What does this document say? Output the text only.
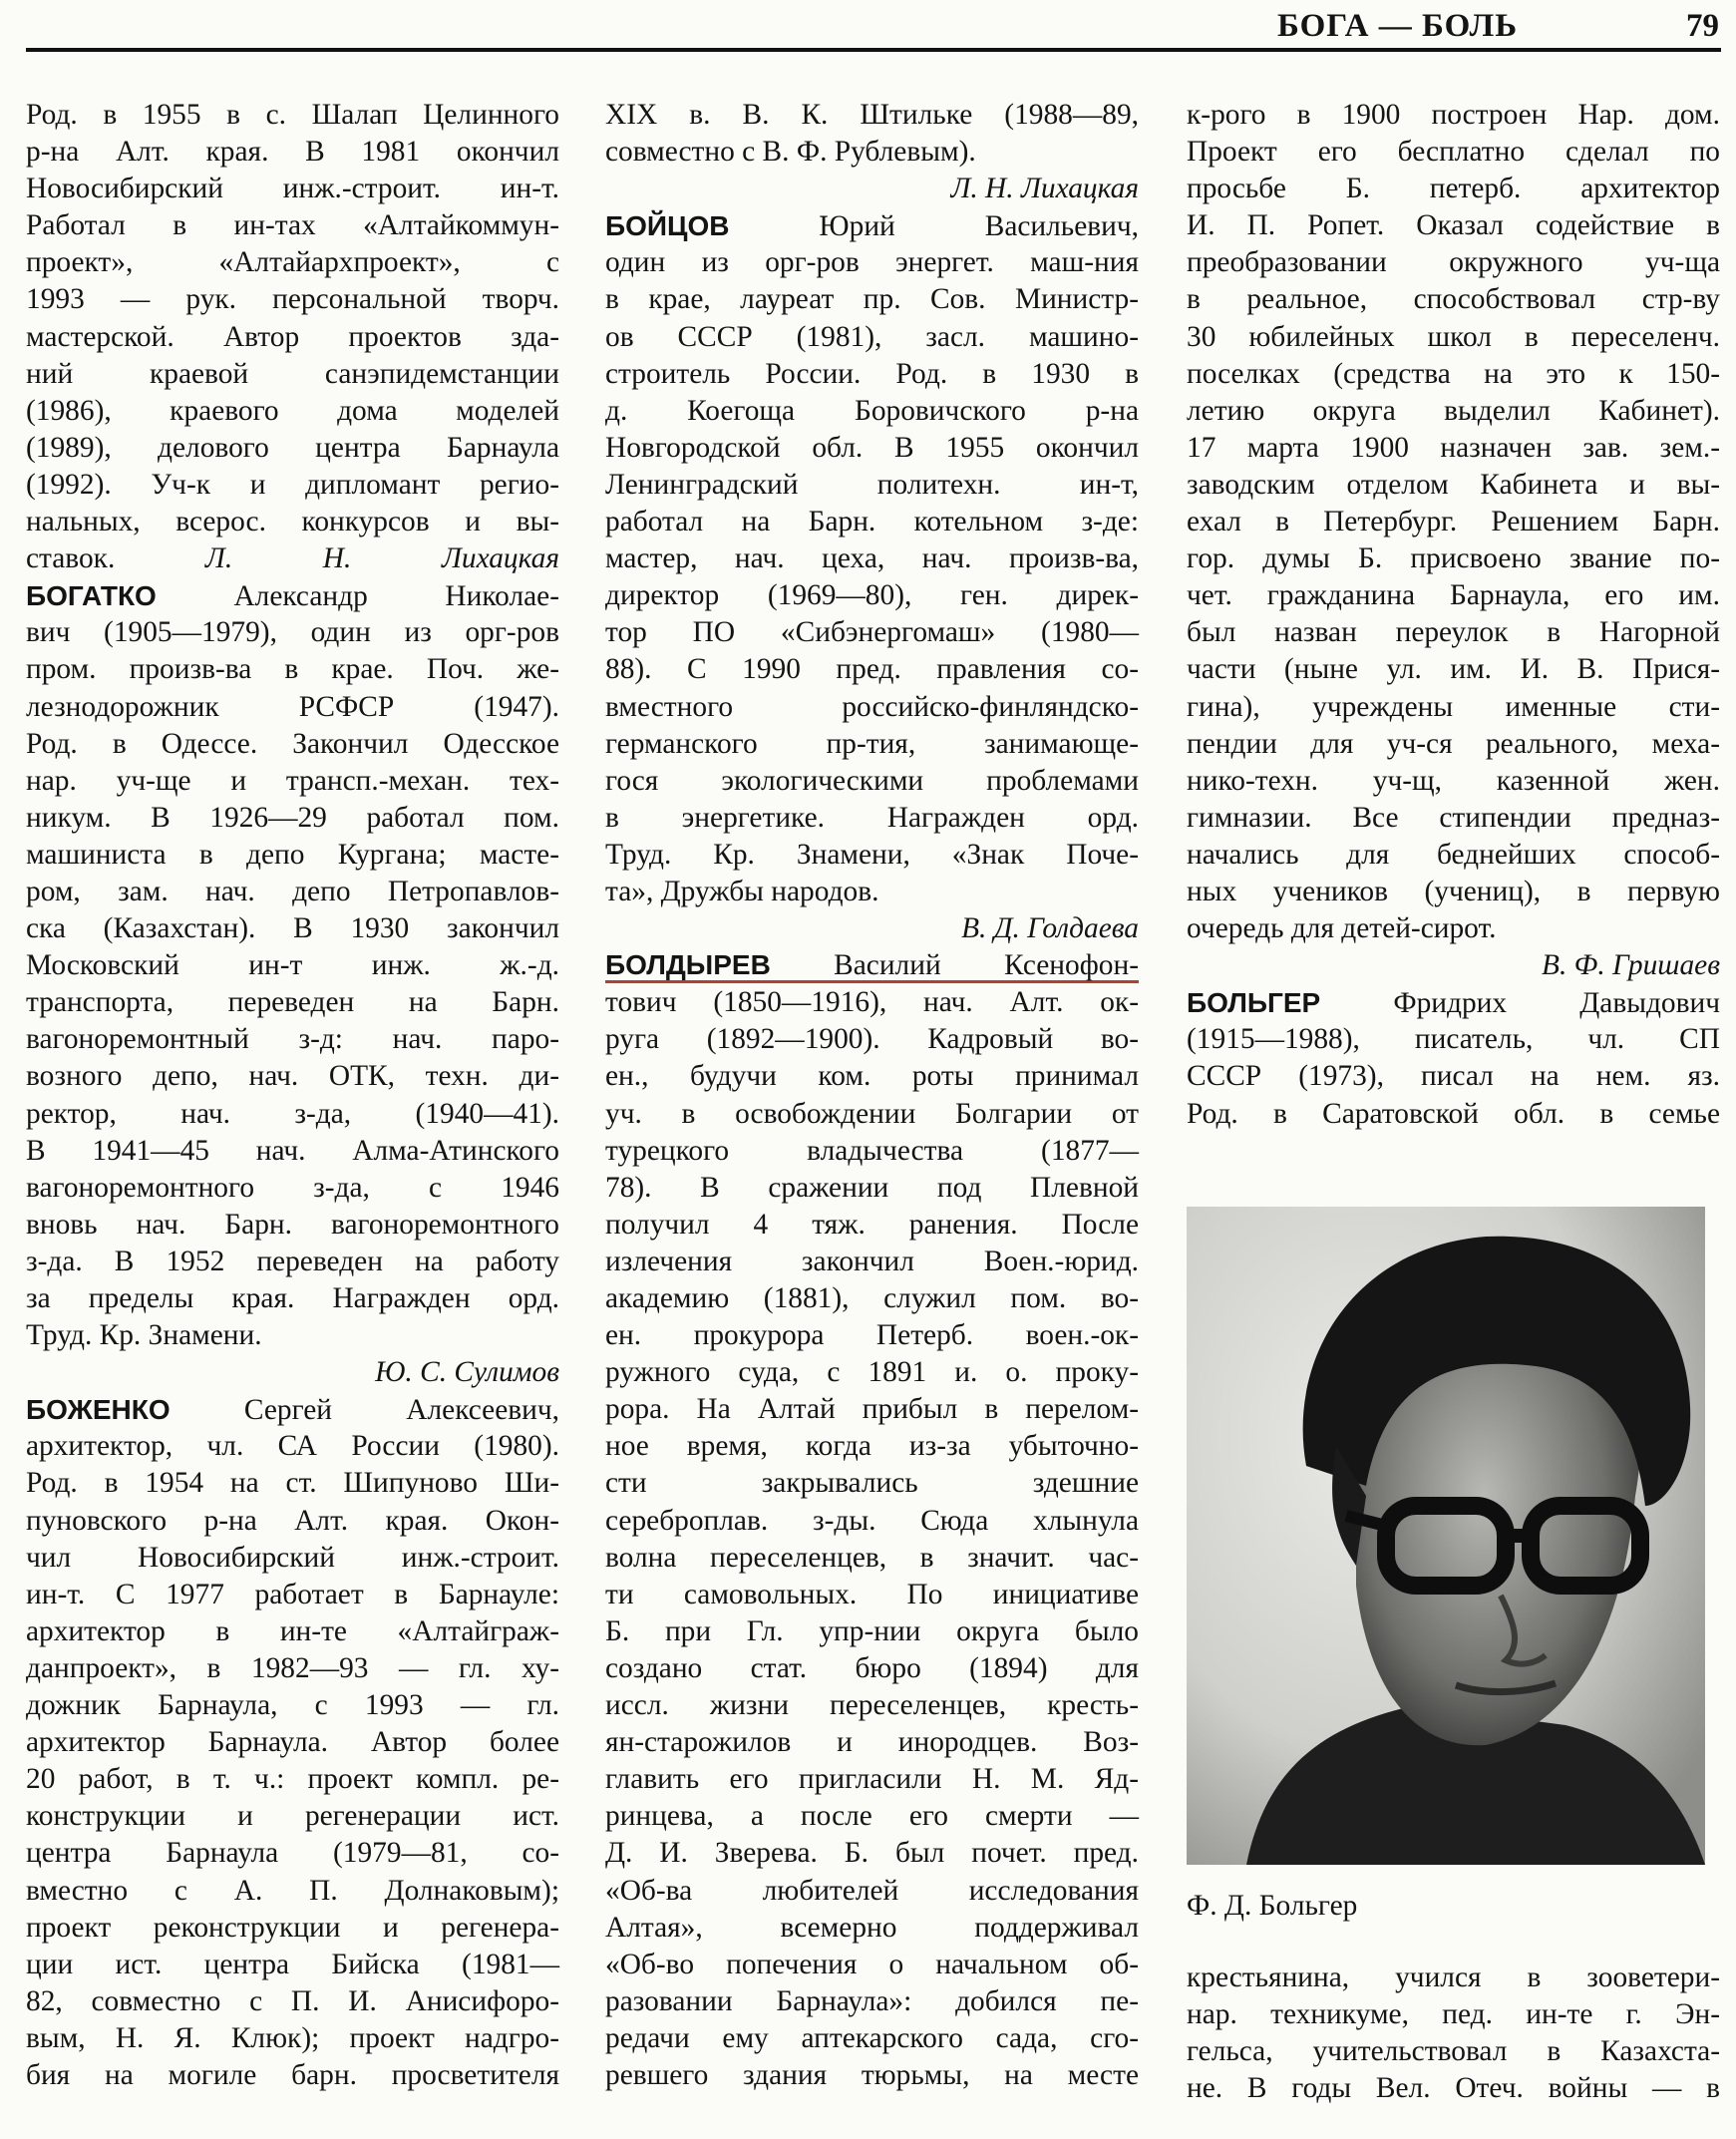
БОГА — БОЛЬ	79
Род. в 1955 в с. Шалап Целинного
р-на Алт. края. В 1981 окончил
Новосибирский инж.-строит. ин-т.
Работал в ин-тах «Алтайкоммун-
проект», «Алтайархпроект», с
1993 — рук. персональной творч.
мастерской. Автор проектов зда-
ний краевой санэпидемстанции
(1986), краевого дома моделей
(1989), делового центра Барнаула
(1992). Уч-к и дипломант регио-
нальных, всерос. конкурсов и вы-
ставок.	Л. Н. Лихацкая
БОГАТКО Александр Николае-
вич (1905—1979), один из орг-ров
пром. произв-ва в крае. Поч. же-
лезнодорожник РСФСР (1947).
Род. в Одессе. Закончил Одесское
нар. уч-ще и трансп.-механ. тех-
никум. В 1926—29 работал пом.
машиниста в депо Кургана; масте-
ром, зам. нач. депо Петропавлов-
ска (Казахстан). В 1930 закончил
Московский ин-т инж. ж.-д.
транспорта, переведен на Барн.
вагоноремонтный з-д: нач. паро-
возного депо, нач. ОТК, техн. ди-
ректор, нач. з-да, (1940—41).
В 1941—45 нач. Алма-Атинского
вагоноремонтного з-да, с 1946
вновь нач. Барн. вагоноремонтного
з-да. В 1952 переведен на работу
за пределы края. Награжден орд.
Труд. Кр. Знамени.
Ю. С. Сулимов
БОЖЕНКО Сергей Алексеевич,
архитектор, чл. СА России (1980).
Род. в 1954 на ст. Шипуново Ши-
пуновского р-на Алт. края. Окон-
чил Новосибирский инж.-строит.
ин-т. С 1977 работает в Барнауле:
архитектор в ин-те «Алтайграж-
данпроект», в 1982—93 — гл. ху-
дожник Барнаула, с 1993 — гл.
архитектор Барнаула. Автор более
20 работ, в т. ч.: проект компл. ре-
конструкции и регенерации ист.
центра Барнаула (1979—81, со-
вместно с А. П. Долнаковым);
проект реконструкции и регенера-
ции ист. центра Бийска (1981—
82, совместно с П. И. Анисифоро-
вым, Н. Я. Клюк); проект надгро-
бия на могиле барн. просветителя
XIX в. В. К. Штильке (1988—89,
совместно с В. Ф. Рублевым).
Л. Н. Лихацкая
БОЙЦОВ Юрий Васильевич,
один из орг-ров энергет. маш-ния
в крае, лауреат пр. Сов. Министр-
ов СССР (1981), засл. машино-
строитель России. Род. в 1930 в
д. Коегоща Боровичского р-на
Новгородской обл. В 1955 окончил
Ленинградский политехн. ин-т,
работал на Барн. котельном з-де:
мастер, нач. цеха, нач. произв-ва,
директор (1969—80), ген. дирек-
тор ПО «Сибэнергомаш» (1980—
88). С 1990 пред. правления со-
вместного российско-финляндско-
германского пр-тия, занимающе-
гося экологическими проблемами
в энергетике. Награжден орд.
Труд. Кр. Знамени, «Знак Поче-
та», Дружбы народов.
В. Д. Голдаева
БОЛДЫРЕВ Василий Ксенофон-
тович (1850—1916), нач. Алт. ок-
руга (1892—1900). Кадровый во-
ен., будучи ком. роты принимал
уч. в освобождении Болгарии от
турецкого владычества (1877—
78). В сражении под Плевной
получил 4 тяж. ранения. После
излечения закончил Воен.-юрид.
академию (1881), служил пом. во-
ен. прокурора Петерб. воен.-ок-
ружного суда, с 1891 и. о. проку-
рора. На Алтай прибыл в перелом-
ное время, когда из-за убыточно-
сти закрывались здешние
сереброплав. з-ды. Сюда хлынула
волна переселенцев, в значит. час-
ти самовольных. По инициативе
Б. при Гл. упр-нии округа было
создано стат. бюро (1894) для
иссл. жизни переселенцев, кресть-
ян-старожилов и инородцев. Воз-
главить его пригласили Н. М. Яд-
ринцева, а после его смерти —
Д. И. Зверева. Б. был почет. пред.
«Об-ва любителей исследования
Алтая», всемерно поддерживал
«Об-во попечения о начальном об-
разовании Барнаула»: добился пе-
редачи ему аптекарского сада, сго-
ревшего здания тюрьмы, на месте
к-рого в 1900 построен Нар. дом.
Проект его бесплатно сделал по
просьбе Б. петерб. архитектор
И. П. Ропет. Оказал содействие в
преобразовании окружного уч-ща
в реальное, способствовал стр-ву
30 юбилейных школ в переселенч.
поселках (средства на это к 150-
летию округа выделил Кабинет).
17 марта 1900 назначен зав. зем.-
заводским отделом Кабинета и вы-
ехал в Петербург. Решением Барн.
гор. думы Б. присвоено звание по-
чет. гражданина Барнаула, его им.
был назван переулок в Нагорной
части (ныне ул. им. И. В. Прися-
гина), учреждены именные сти-
пендии для уч-ся реального, меха-
нико-техн. уч-щ, казенной жен.
гимназии. Все стипендии предназ-
начались для беднейших способ-
ных учеников (учениц), в первую
очередь для детей-сирот.
В. Ф. Гришаев
БОЛЬГЕР Фридрих Давыдович
(1915—1988), писатель, чл. СП
СССР (1973), писал на нем. яз.
Род. в Саратовской обл. в семье
Ф. Д. Больгер
крестьянина, учился в зооветери-
нар. техникуме, пед. ин-те г. Эн-
гельса, учительствовал в Казахста-
не. В годы Вел. Отеч. войны — в
